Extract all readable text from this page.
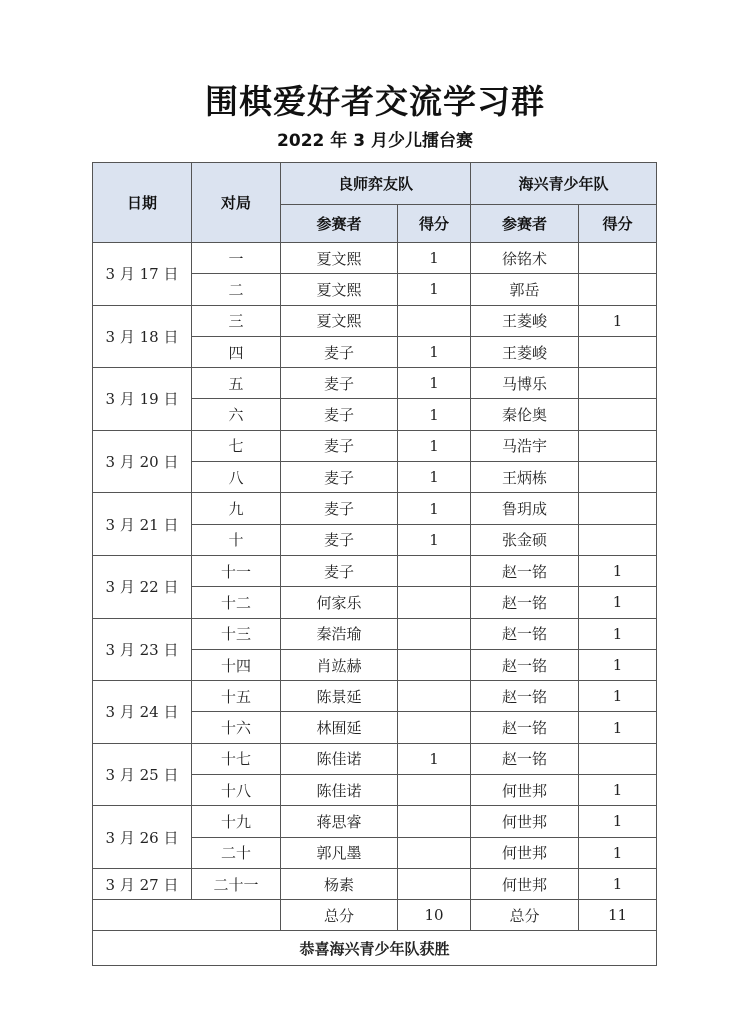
围棋爱好者交流学习群
2022 年 3 月少儿擂台赛
日期	对局	良师弈友队		海兴青少年队	
		参赛者	得分	参赛者	得分
3 月 17 日	一	夏文熙	1	徐铭术	
	二	夏文熙	1	郭岳	
3 月 18 日	三	夏文熙		王菱峻	1
	四	麦子	1	王菱峻	
3 月 19 日	五	麦子	1	马博乐	
	六	麦子	1	秦伦奥	
3 月 20 日	七	麦子	1	马浩宇	
	八	麦子	1	王炳栋	
3 月 21 日	九	麦子	1	鲁玥成	
	十	麦子	1	张金硕	
3 月 22 日	十一	麦子		赵一铭	1
	十二	何家乐		赵一铭	1
3 月 23 日	十三	秦浩瑜		赵一铭	1
	十四	肖竑赫		赵一铭	1
3 月 24 日	十五	陈景延		赵一铭	1
	十六	林囿延		赵一铭	1
3 月 25 日	十七	陈佳诺	1	赵一铭	
	十八	陈佳诺		何世邦	1
3 月 26 日	十九	蒋思睿		何世邦	1
	二十	郭凡墨		何世邦	1
3 月 27 日	二十一	杨素		何世邦	1
		总分	10	总分	11
恭喜海兴青少年队获胜					
